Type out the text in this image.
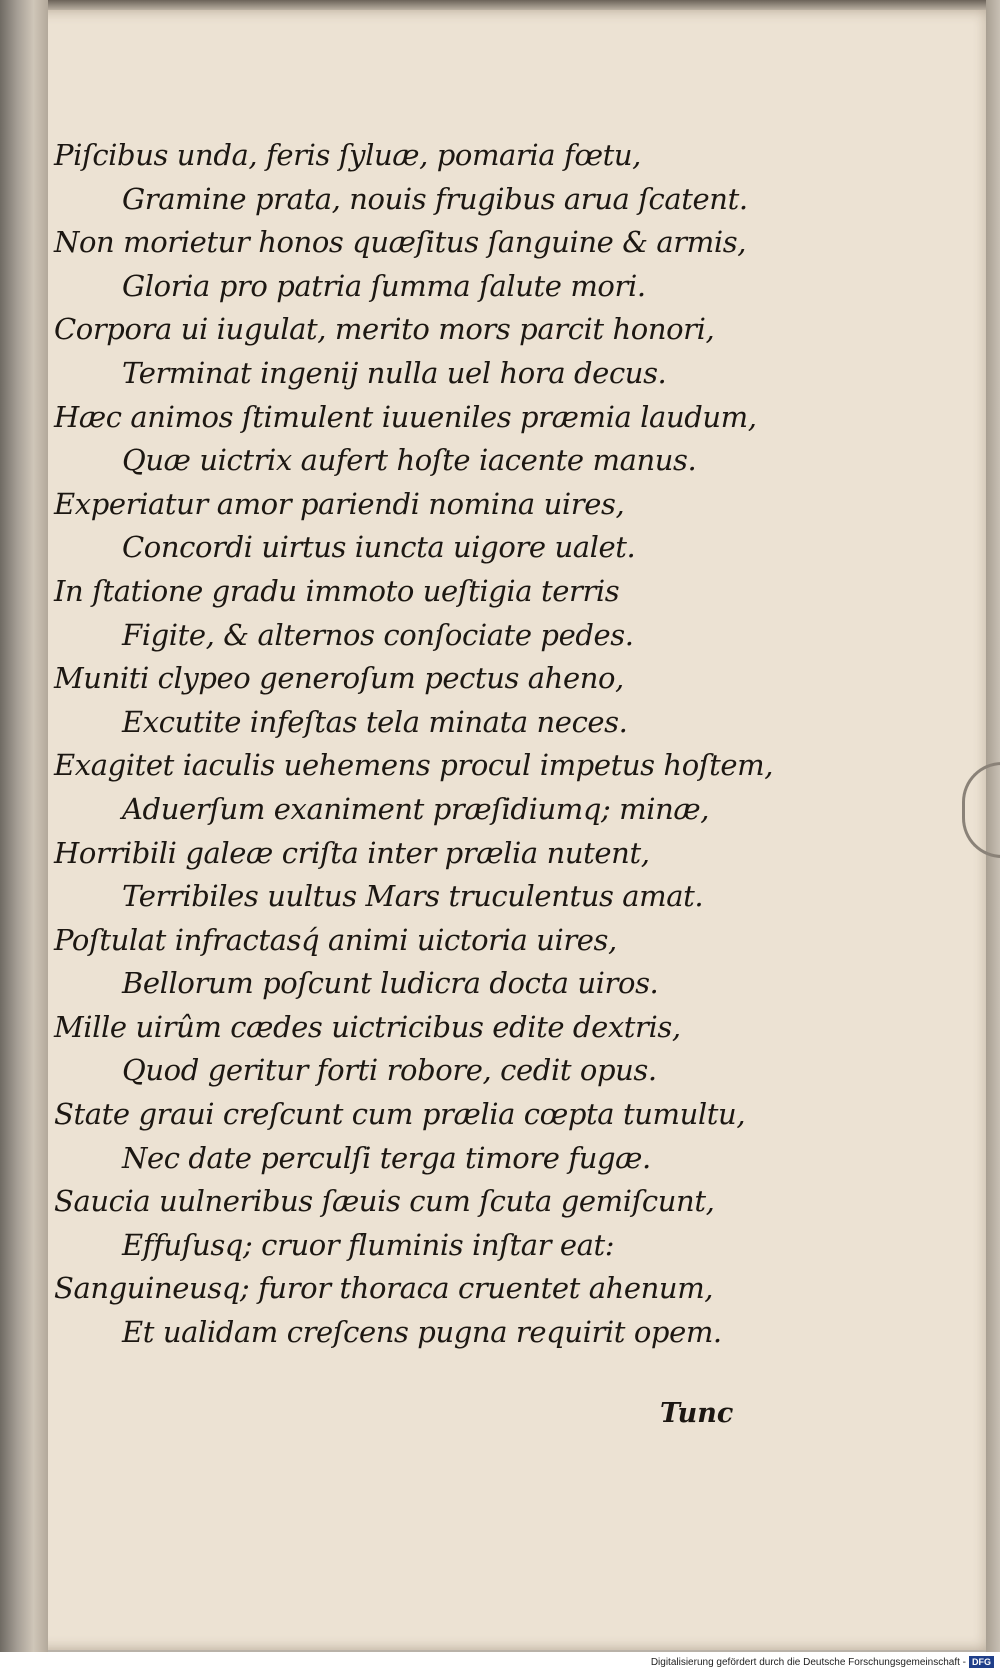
Piſcibus unda, feris ſyluæ, pomaria fœtu,
Gramine prata, nouis frugibus arua ſcatent.
Non morietur honos quæſitus ſanguine & armis,
Gloria pro patria ſumma ſalute mori.
Corpora ui iugulat, merito mors parcit honori,
Terminat ingenij nulla uel hora decus.
Hæc animos ſtimulent iuueniles præmia laudum,
Quæ uictrix aufert hoſte iacente manus.
Experiatur amor pariendi nomina uires,
Concordi uirtus iuncta uigore ualet.
In ſtatione gradu immoto ueſtigia terris
Figite, & alternos conſociate pedes.
Muniti clypeo generoſum pectus aheno,
Excutite infeſtas tela minata neces.
Exagitet iaculis uehemens procul impetus hoſtem,
Aduerſum exaniment præſidiumq; minæ,
Horribili galeæ criſta inter prælia nutent,
Terribiles uultus Mars truculentus amat.
Poſtulat infractasq́ animi uictoria uires,
Bellorum poſcunt ludicra docta uiros.
Mille uirûm cædes uictricibus edite dextris,
Quod geritur forti robore, cedit opus.
State graui creſcunt cum prælia cœpta tumultu,
Nec date perculſi terga timore fugæ.
Saucia uulneribus ſæuis cum ſcuta gemiſcunt,
Effuſusq; cruor fluminis inſtar eat:
Sanguineusq; furor thoraca cruentet ahenum,
Et ualidam creſcens pugna requirit opem.
Tunc
Digitalisierung gefördert durch die Deutsche Forschungsgemeinschaft - DFG
